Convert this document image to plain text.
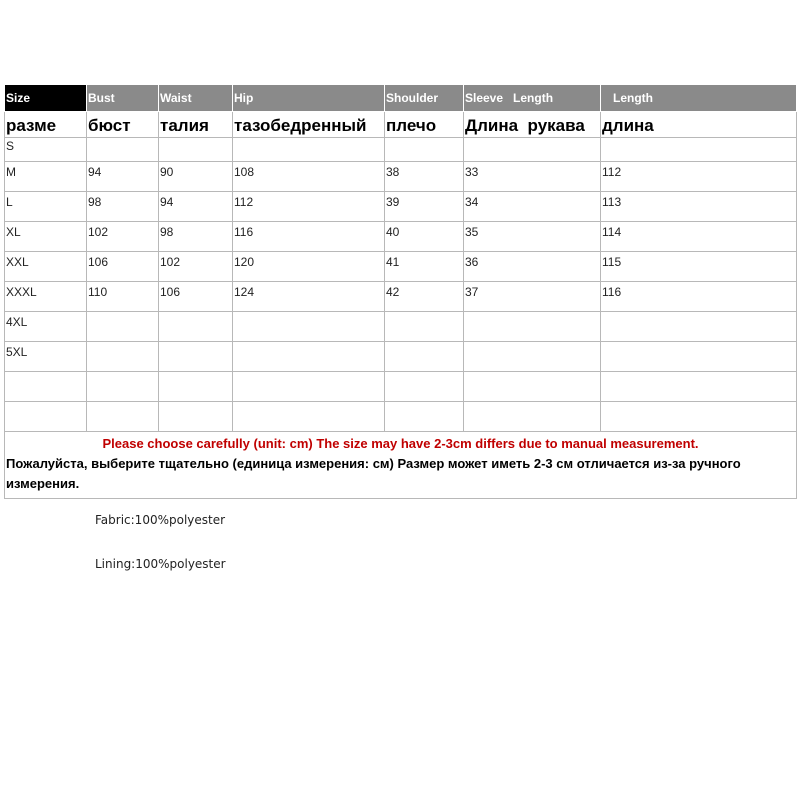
Size	Bust	Waist	Hip	Shoulder	Sleeve   Length	Length
разме	бюст	талия	тазобедренный	плечо	Длина  рукава	длина
S						
M	94	90	108	38	33	112
L	98	94	112	39	34	113
XL	102	98	116	40	35	114
XXL	106	102	120	41	36	115
XXXL	110	106	124	42	37	116
4XL						
5XL						

Please choose carefully (unit: cm) The size may have 2-3cm differs due to manual measurement.
Пожалуйста, выберите тщательно (единица измерения: см) Размер может иметь 2-3 см отличается из-за ручного измерения.						
Fabric:100%polyester
Lining:100%polyester
